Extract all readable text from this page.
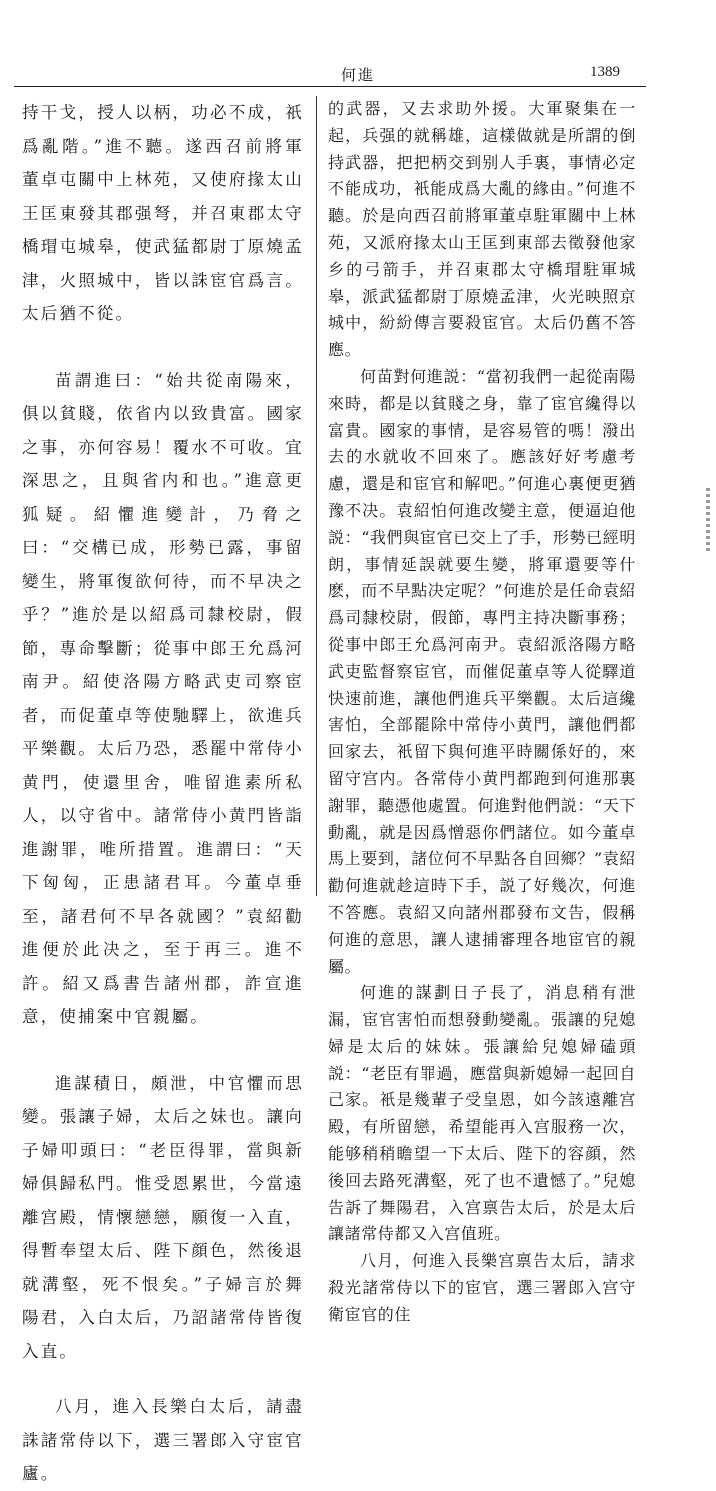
何進	1389

持干戈，授人以柄，功必不成，祇爲亂階。”進不聽。遂西召前將軍董卓屯關中上林苑，又使府掾太山王匡東發其郡强弩，并召東郡太守橋瑁屯城皋，使武猛都尉丁原燒孟津，火照城中，皆以誅宦官爲言。太后猶不從。

苗謂進曰：“始共從南陽來，俱以貧賤，依省内以致貴富。國家之事，亦何容易！覆水不可收。宜深思之，且與省内和也。”進意更狐疑。紹懼進變計，乃脅之曰：“交構已成，形勢已露，事留變生，將軍復欲何待，而不早决之乎？”進於是以紹爲司隸校尉，假節，專命擊斷；從事中郎王允爲河南尹。紹使洛陽方略武吏司察宦者，而促董卓等使馳驛上，欲進兵平樂觀。太后乃恐，悉罷中常侍小黄門，使還里舍，唯留進素所私人，以守省中。諸常侍小黄門皆詣進謝罪，唯所措置。進謂曰：“天下匈匈，正患諸君耳。今董卓垂至，諸君何不早各就國？”袁紹勸進便於此决之，至于再三。進不許。紹又爲書告諸州郡，詐宣進意，使捕案中官親屬。

進謀積日，頗泄，中官懼而思變。張讓子婦，太后之妹也。讓向子婦叩頭曰：“老臣得罪，當與新婦俱歸私門。惟受恩累世，今當遠離宫殿，情懷戀戀，願復一入直，得暫奉望太后、陛下顔色，然後退就溝壑，死不恨矣。”子婦言於舞陽君，入白太后，乃詔諸常侍皆復入直。

八月，進入長樂白太后，請盡誅諸常侍以下，選三署郎入守宦官廬。

的武器，又去求助外援。大軍聚集在一起，兵强的就稱雄，這樣做就是所謂的倒持武器，把把柄交到别人手裏，事情必定不能成功，衹能成爲大亂的緣由。”何進不聽。於是向西召前將軍董卓駐軍關中上林苑，又派府掾太山王匡到東部去徵發他家乡的弓箭手，并召東郡太守橋瑁駐軍城皋，派武猛都尉丁原燒孟津，火光映照京城中，紛紛傳言要殺宦官。太后仍舊不答應。

何苗對何進説：“當初我們一起從南陽來時，都是以貧賤之身，靠了宦官纔得以富貴。國家的事情，是容易管的嗎！潑出去的水就收不回來了。應該好好考慮考慮，還是和宦官和解吧。”何進心裏便更猶豫不决。袁紹怕何進改變主意，便逼迫他説：“我們與宦官已交上了手，形勢已經明朗，事情延誤就要生變，將軍還要等什麽，而不早點决定呢？”何進於是任命袁紹爲司隸校尉，假節，專門主持决斷事務；從事中郎王允爲河南尹。袁紹派洛陽方略武吏監督察宦官，而催促董卓等人從驛道快速前進，讓他們進兵平樂觀。太后這纔害怕，全部罷除中常侍小黄門，讓他們都回家去，衹留下與何進平時關係好的，來留守宫内。各常侍小黄門都跑到何進那裏謝罪，聽憑他處置。何進對他們説：“天下動亂，就是因爲憎惡你們諸位。如今董卓馬上要到，諸位何不早點各自回鄉？”袁紹勸何進就趁這時下手，説了好幾次，何進不答應。袁紹又向諸州郡發布文告，假稱何進的意思，讓人逮捕審理各地宦官的親屬。

何進的謀劃日子長了，消息稍有泄漏，宦官害怕而想發動變亂。張讓的兒媳婦是太后的妹妹。張讓給兒媳婦磕頭説：“老臣有罪過，應當與新媳婦一起回自己家。衹是幾輩子受皇恩，如今該遠離宫殿，有所留戀，希望能再入宫服務一次，能够稍稍瞻望一下太后、陛下的容顔，然後回去路死溝壑，死了也不遺憾了。”兒媳告訴了舞陽君，入宫禀告太后，於是太后讓諸常侍都又入宫值班。

八月，何進入長樂宫禀告太后，請求殺光諸常侍以下的宦官，選三署郎入宫守衛宦官的住
